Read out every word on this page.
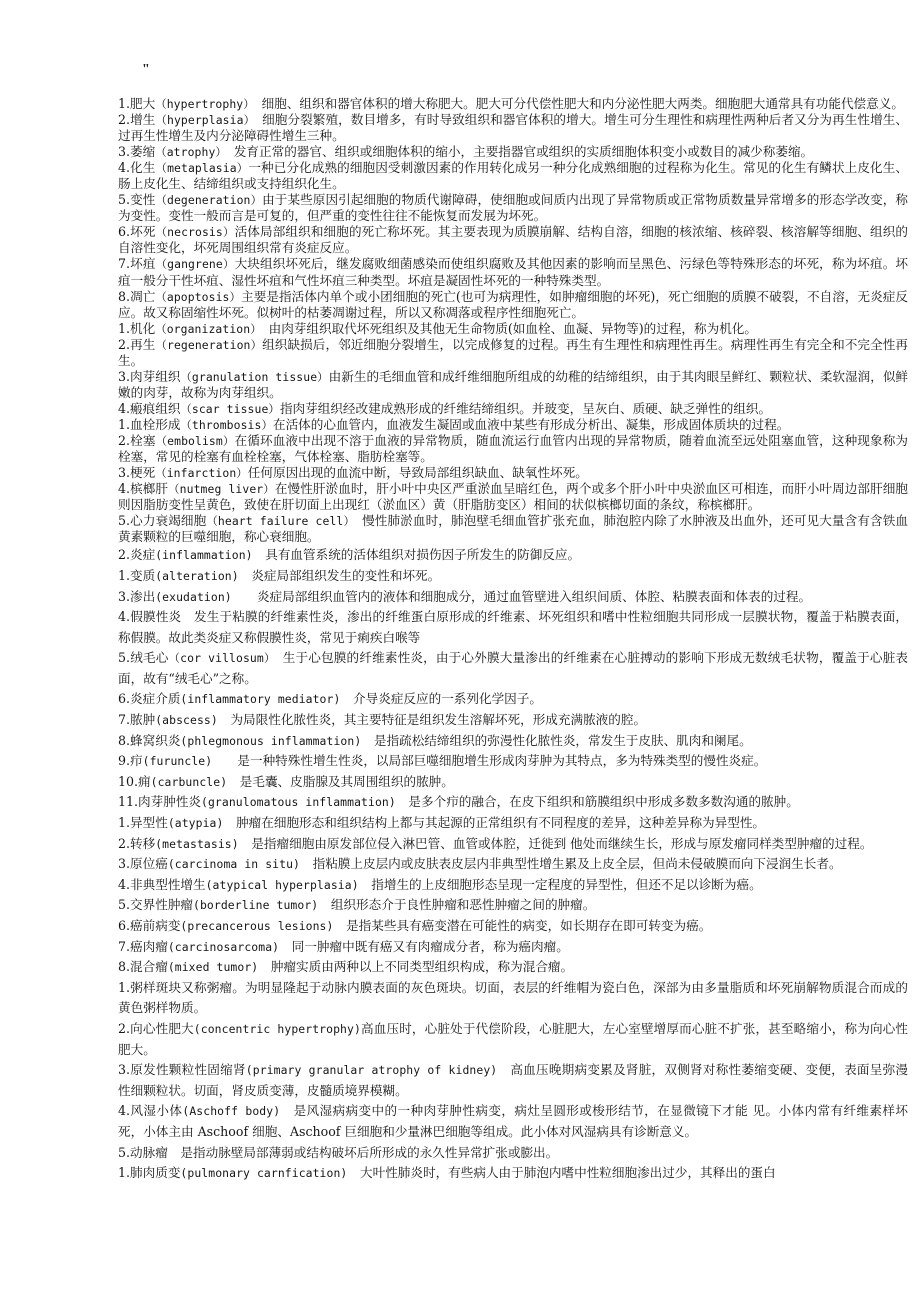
"

1.肥大（hypertrophy）　细胞、组织和器官体积的增大称肥大。肥大可分代偿性肥大和内分泌性肥大两类。细胞肥大通常具有功能代偿意义。

2.增生（hyperplasia）　细胞分裂繁殖，数目增多，有时导致组织和器官体积的增大。增生可分生理性和病理性两种后者又分为再生性增生、过再生性增生及内分泌障碍性增生三种。

3.萎缩（atrophy）　发育正常的器官、组织或细胞体积的缩小，主要指器官或组织的实质细胞体积变小或数目的减少称萎缩。

4.化生（metaplasia）一种已分化成熟的细胞因受刺激因素的作用转化成另一种分化成熟细胞的过程称为化生。常见的化生有鳞状上皮化生、肠上皮化生、结缔组织或支持组织化生。

5.变性（degeneration）由于某些原因引起细胞的物质代谢障碍，使细胞或间质内出现了异常物质或正常物质数量异常增多的形态学改变，称为变性。变性一般而言是可复的，但严重的变性往往不能恢复而发展为坏死。

6.坏死（necrosis）活体局部组织和细胞的死亡称坏死。其主要表现为质膜崩解、结构自溶，细胞的核浓缩、核碎裂、核溶解等细胞、组织的自溶性变化，坏死周围组织常有炎症反应。

7.坏疽（gangrene）大块组织坏死后，继发腐败细菌感染而使组织腐败及其他因素的影响而呈黑色、污绿色等特殊形态的坏死，称为坏疽。坏疽一般分干性坏疽、湿性坏疽和气性坏疽三种类型。坏疽是凝固性坏死的一种特殊类型。

8.凋亡（apoptosis）主要是指活体内单个或小团细胞的死亡(也可为病理性，如肿瘤细胞的坏死)，死亡细胞的质膜不破裂，不自溶，无炎症反应。故又称固缩性坏死。似树叶的枯萎凋谢过程，所以又称凋落或程序性细胞死亡。

1.机化（organization）　由肉芽组织取代坏死组织及其他无生命物质(如血栓、血凝、异物等)的过程，称为机化。

2.再生（regeneration）组织缺损后，邻近细胞分裂增生，以完成修复的过程。再生有生理性和病理性再生。病理性再生有完全和不完全性再生。

3.肉芽组织（granulation tissue）由新生的毛细血管和成纤维细胞所组成的幼稚的结缔组织，由于其肉眼呈鲜红、颗粒状、柔软湿润，似鲜嫩的肉芽，故称为肉芽组织。

4.瘢痕组织（scar tissue）指肉芽组织经改建成熟形成的纤维结缔组织。并玻变，呈灰白、质硬、缺乏弹性的组织。

1.血栓形成（thrombosis）在活体的心血管内，血液发生凝固或血液中某些有形成分析出、凝集，形成固体质块的过程。

2.栓塞（embolism）在循环血液中出现不溶于血液的异常物质，随血流运行血管内出现的异常物质，随着血流至远处阻塞血管，这种现象称为栓塞，常见的栓塞有血栓栓塞，气体栓塞、脂肪栓塞等。

3.梗死（infarction）任何原因出现的血流中断，导致局部组织缺血、缺氧性坏死。

4.槟榔肝（nutmeg liver）在慢性肝淤血时，肝小叶中央区严重淤血呈暗红色，两个或多个肝小叶中央淤血区可相连，而肝小叶周边部肝细胞则因脂肪变性呈黄色，致使在肝切面上出现红（淤血区）黄（肝脂肪变区）相间的状似槟榔切面的条纹，称槟榔肝。

5.心力衰竭细胞（heart failure cell）　慢性肺淤血时，肺泡壁毛细血管扩张充血，肺泡腔内除了水肿液及出血外，还可见大量含有含铁血黄素颗粒的巨噬细胞，称心衰细胞。

2.炎症(inflammation)　具有血管系统的活体组织对损伤因子所发生的防御反应。

1.变质(alteration)　炎症局部组织发生的变性和坏死。

3.渗出(exudation)　　炎症局部组织血管内的液体和细胞成分，通过血管壁进入组织间质、体腔、粘膜表面和体表的过程。

4.假膜性炎　发生于粘膜的纤维素性炎，渗出的纤维蛋白原形成的纤维素、坏死组织和嗜中性粒细胞共同形成一层膜状物，覆盖于粘膜表面，称假膜。故此类炎症又称假膜性炎，常见于痢疾白喉等

5.绒毛心（cor villosum）　生于心包膜的纤维素性炎，由于心外膜大量渗出的纤维素在心脏搏动的影响下形成无数绒毛状物，覆盖于心脏表面，故有“绒毛心”之称。

6.炎症介质(inflammatory mediator)　介导炎症反应的一系列化学因子。

7.脓肿(abscess)　为局限性化脓性炎，其主要特征是组织发生溶解坏死，形成充满脓液的腔。

8.蜂窝织炎(phlegmonous inflammation)　是指疏松结缔组织的弥漫性化脓性炎，常发生于皮肤、肌肉和阑尾。

9.疖(furuncle)　　是一种特殊性增生性炎，以局部巨噬细胞增生形成肉芽肿为其特点，多为特殊类型的慢性炎症。

10.痈(carbuncle)　是毛囊、皮脂腺及其周围组织的脓肿。

11.肉芽肿性炎(granulomatous inflammation)　是多个疖的融合，在皮下组织和筋膜组织中形成多数多数沟通的脓肿。

1.异型性(atypia)　肿瘤在细胞形态和组织结构上都与其起源的正常组织有不同程度的差异，这种差异称为异型性。

2.转移(metastasis)　是指瘤细胞由原发部位侵入淋巴管、血管或体腔，迁徙到 他处而继续生长，形成与原发瘤同样类型肿瘤的过程。

3.原位癌(carcinoma in situ)　指粘膜上皮层内或皮肤表皮层内非典型性增生累及上皮全层，但尚未侵破膜而向下浸润生长者。

4.非典型性增生(atypical hyperplasia)　指增生的上皮细胞形态呈现一定程度的异型性，但还不足以诊断为癌。

5.交界性肿瘤(borderline tumor)　组织形态介于良性肿瘤和恶性肿瘤之间的肿瘤。

6.癌前病变(precancerous lesions)　是指某些具有癌变潜在可能性的病变，如长期存在即可转变为癌。

7.癌肉瘤(carcinosarcoma)　同一肿瘤中既有癌又有肉瘤成分者，称为癌肉瘤。

8.混合瘤(mixed tumor)　肿瘤实质由两种以上不同类型组织构成，称为混合瘤。

1.粥样斑块又称粥瘤。为明显隆起于动脉内膜表面的灰色斑块。切面，表层的纤维帽为瓷白色，深部为由多量脂质和坏死崩解物质混合而成的黄色粥样物质。

2.向心性肥大(concentric hypertrophy)高血压时，心脏处于代偿阶段，心脏肥大，左心室壁增厚而心脏不扩张，甚至略缩小，称为向心性肥大。

3.原发性颗粒性固缩肾(primary granular atrophy of kidney)　高血压晚期病变累及肾脏，双侧肾对称性萎缩变硬、变便，表面呈弥漫性细颗粒状。切面，肾皮质变薄，皮髓质境界模糊。

4.风湿小体(Aschoff body)　是风湿病病变中的一种肉芽肿性病变，病灶呈圆形或梭形结节，在显微镜下才能 见。小体内常有纤维素样坏死，小体主由 Aschoof 细胞、Aschoof 巨细胞和少量淋巴细胞等组成。此小体对风湿病具有诊断意义。

5.动脉瘤　是指动脉壁局部薄弱或结构破坏后所形成的永久性异常扩张或膨出。

1.肺肉质变(pulmonary carnfication)　大叶性肺炎时，有些病人由于肺泡内嗜中性粒细胞渗出过少，其释出的蛋白
